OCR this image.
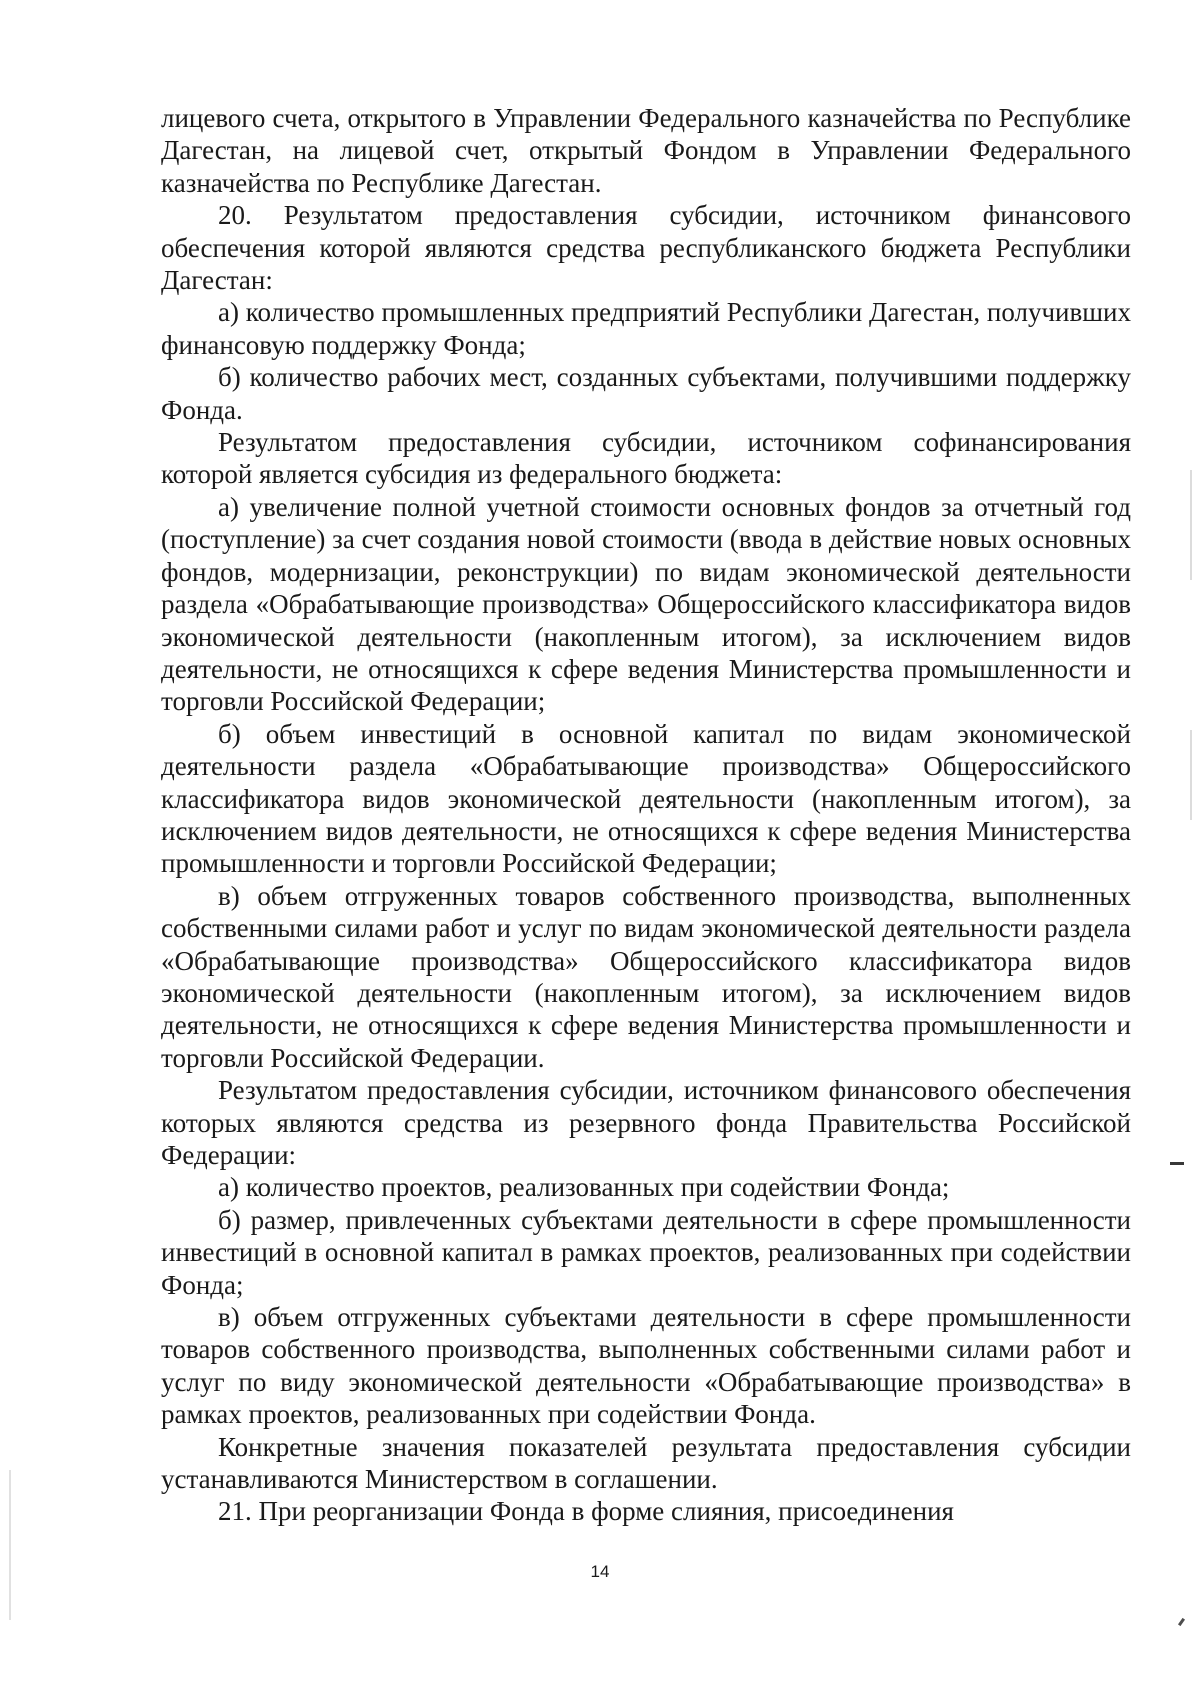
лицевого счета, открытого в Управлении Федерального казначейства по Республике Дагестан, на лицевой счет, открытый Фондом в Управлении Федерального казначейства по Республике Дагестан.

20. Результатом предоставления субсидии, источником финансового обеспечения которой являются средства республиканского бюджета Республики Дагестан:

а) количество промышленных предприятий Республики Дагестан, получивших финансовую поддержку Фонда;

б) количество рабочих мест, созданных субъектами, получившими поддержку Фонда.

Результатом предоставления субсидии, источником софинансирования которой является субсидия из федерального бюджета:

а) увеличение полной учетной стоимости основных фондов за отчетный год (поступление) за счет создания новой стоимости (ввода в действие новых основных фондов, модернизации, реконструкции) по видам экономической деятельности раздела «Обрабатывающие производства» Общероссийского классификатора видов экономической деятельности (накопленным итогом), за исключением видов деятельности, не относящихся к сфере ведения Министерства промышленности и торговли Российской Федерации;

б) объем инвестиций в основной капитал по видам экономической деятельности раздела «Обрабатывающие производства» Общероссийского классификатора видов экономической деятельности (накопленным итогом), за исключением видов деятельности, не относящихся к сфере ведения Министерства промышленности и торговли Российской Федерации;

в) объем отгруженных товаров собственного производства, выполненных собственными силами работ и услуг по видам экономической деятельности раздела «Обрабатывающие производства» Общероссийского классификатора видов экономической деятельности (накопленным итогом), за исключением видов деятельности, не относящихся к сфере ведения Министерства промышленности и торговли Российской Федерации.

Результатом предоставления субсидии, источником финансового обеспечения которых являются средства из резервного фонда Правительства Российской Федерации:

а) количество проектов, реализованных при содействии Фонда;

б) размер, привлеченных субъектами деятельности в сфере промышленности инвестиций в основной капитал в рамках проектов, реализованных при содействии Фонда;

в) объем отгруженных субъектами деятельности в сфере промышленности товаров собственного производства, выполненных собственными силами работ и услуг по виду экономической деятельности «Обрабатывающие производства» в рамках проектов, реализованных при содействии Фонда.

Конкретные значения показателей результата предоставления субсидии устанавливаются Министерством в соглашении.

21. При реорганизации Фонда в форме слияния, присоединения

14
